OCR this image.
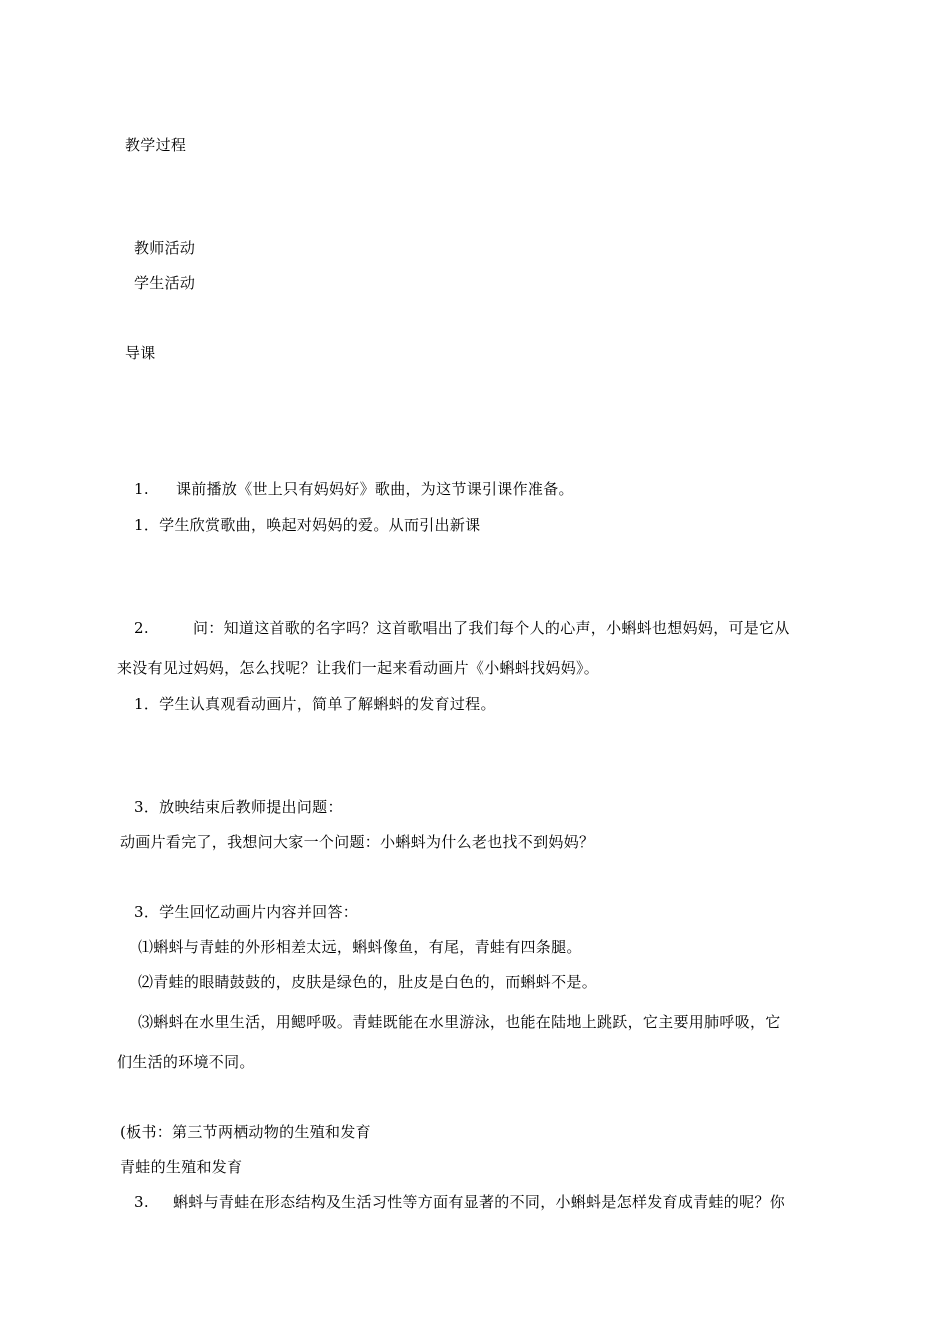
教学过程
教师活动
学生活动
导课
1. 课前播放《世上只有妈妈好》歌曲，为这节课引课作准备。
1．学生欣赏歌曲，唤起对妈妈的爱。从而引出新课
2.	问：知道这首歌的名字吗？这首歌唱出了我们每个人的心声，小蝌蚪也想妈妈，可是它从
来没有见过妈妈，怎么找呢？让我们一起来看动画片《小蝌蚪找妈妈》。
1．学生认真观看动画片，简单了解蝌蚪的发育过程。
3．放映结束后教师提出问题：
动画片看完了，我想问大家一个问题：小蝌蚪为什么老也找不到妈妈？
3．学生回忆动画片内容并回答：
⑴蝌蚪与青蛙的外形相差太远，蝌蚪像鱼，有尾，青蛙有四条腿。
⑵青蛙的眼睛鼓鼓的，皮肤是绿色的，肚皮是白色的，而蝌蚪不是。
⑶蝌蚪在水里生活，用鳃呼吸。青蛙既能在水里游泳，也能在陆地上跳跃，它主要用肺呼吸，它
们生活的环境不同。
(板书：第三节两栖动物的生殖和发育
青蛙的生殖和发育
3. 蝌蚪与青蛙在形态结构及生活习性等方面有显著的不同，小蝌蚪是怎样发育成青蛙的呢？你
